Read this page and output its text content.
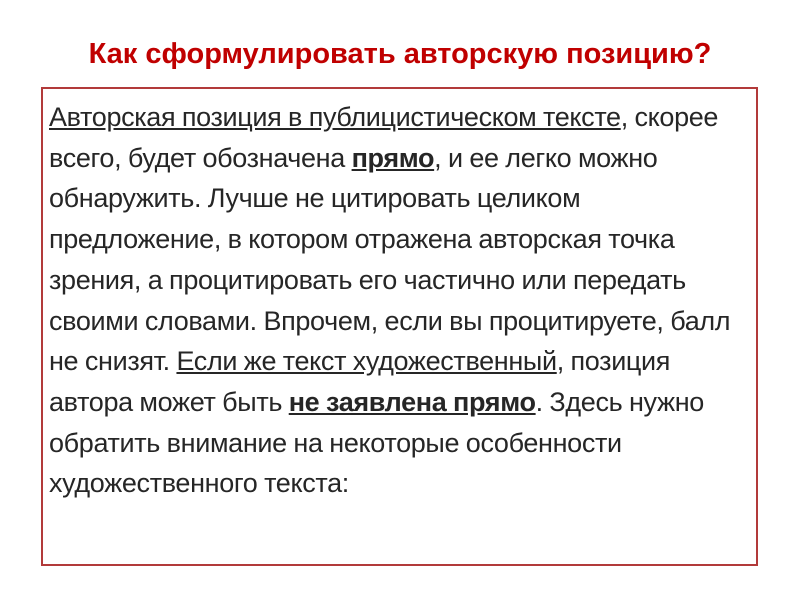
Как сформулировать авторскую позицию?

Авторская позиция в публицистическом тексте, скорее всего, будет обозначена прямо, и ее легко можно обнаружить. Лучше не цитировать целиком предложение, в котором отражена авторская точка зрения, а процитировать его частично или передать своими словами. Впрочем, если вы процитируете, балл не снизят. Если же текст художественный, позиция автора может быть не заявлена прямо. Здесь нужно обратить внимание на некоторые особенности художественного текста:
